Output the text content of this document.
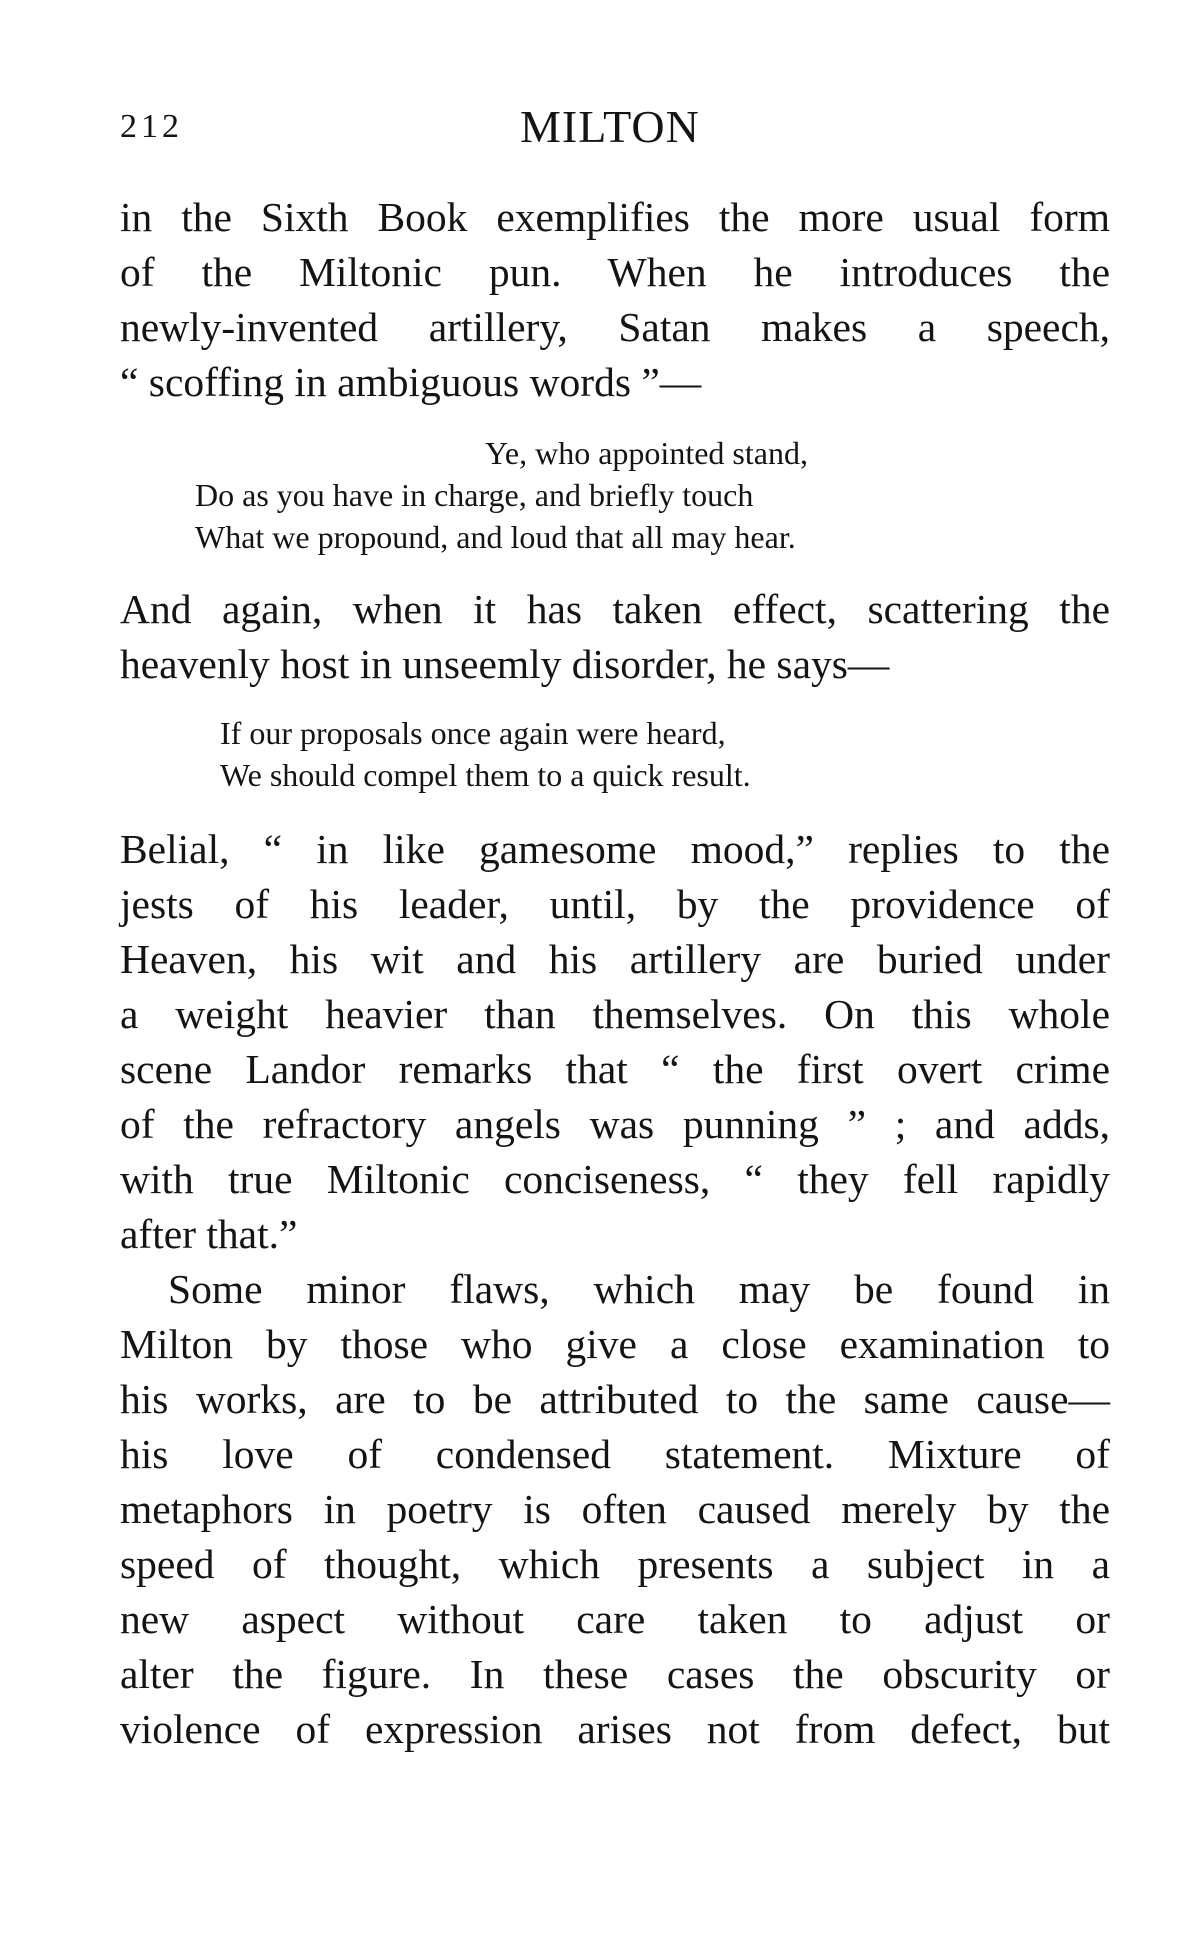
212	MILTON
in the Sixth Book exemplifies the more usual form
of the Miltonic pun. When he introduces the
newly-invented artillery, Satan makes a speech,
“ scoffing in ambiguous words ”—
Ye, who appointed stand,
Do as you have in charge, and briefly touch
What we propound, and loud that all may hear.
And again, when it has taken effect, scattering the
heavenly host in unseemly disorder, he says—
If our proposals once again were heard,
We should compel them to a quick result.
Belial, “ in like gamesome mood,” replies to the
jests of his leader, until, by the providence of
Heaven, his wit and his artillery are buried under
a weight heavier than themselves. On this whole
scene Landor remarks that “ the first overt crime
of the refractory angels was punning ” ; and adds,
with true Miltonic conciseness, “ they fell rapidly
after that.”
Some minor flaws, which may be found in
Milton by those who give a close examination to
his works, are to be attributed to the same cause—
his love of condensed statement. Mixture of
metaphors in poetry is often caused merely by the
speed of thought, which presents a subject in a
new aspect without care taken to adjust or
alter the figure. In these cases the obscurity or
violence of expression arises not from defect, but
